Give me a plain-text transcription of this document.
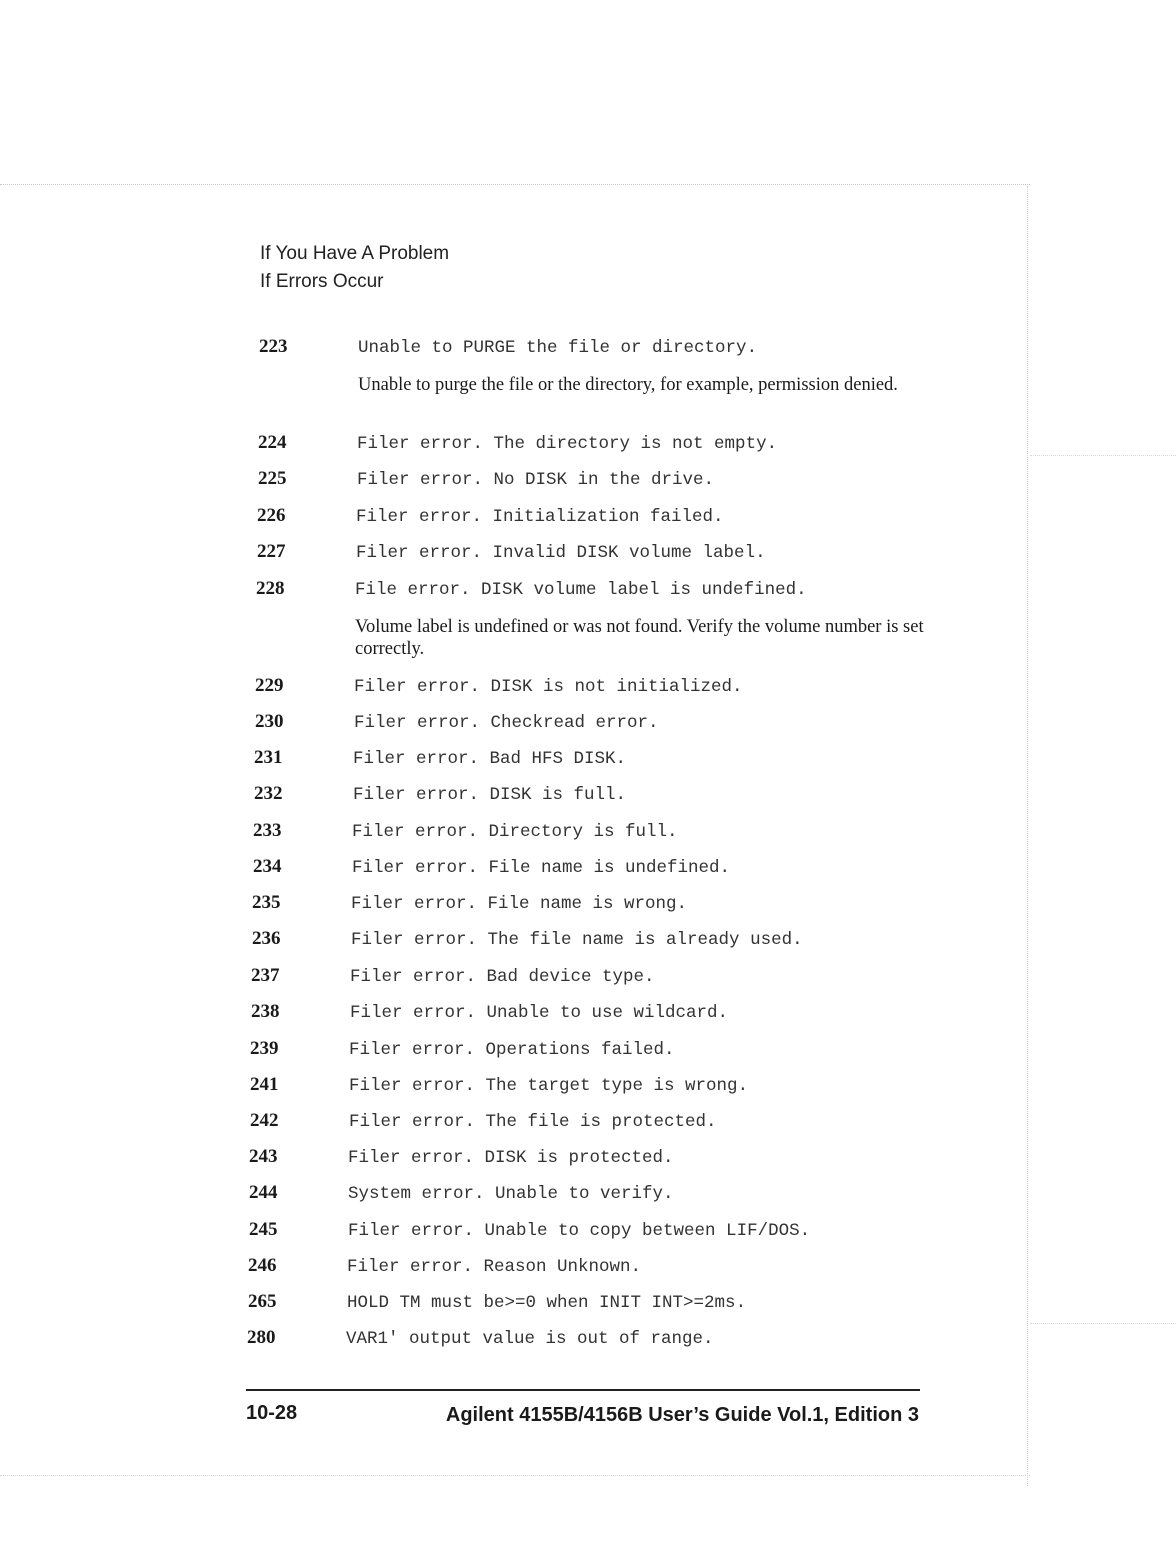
If You Have A Problem
If Errors Occur
223	Unable to PURGE the file or directory.
Unable to purge the file or the directory, for example, permission denied.
224	Filer error. The directory is not empty.
225	Filer error. No DISK in the drive.
226	Filer error. Initialization failed.
227	Filer error. Invalid DISK volume label.
228	File error. DISK volume label is undefined.
Volume label is undefined or was not found. Verify the volume number is set correctly.
229	Filer error. DISK is not initialized.
230	Filer error. Checkread error.
231	Filer error. Bad HFS DISK.
232	Filer error. DISK is full.
233	Filer error. Directory is full.
234	Filer error. File name is undefined.
235	Filer error. File name is wrong.
236	Filer error. The file name is already used.
237	Filer error. Bad device type.
238	Filer error. Unable to use wildcard.
239	Filer error. Operations failed.
241	Filer error. The target type is wrong.
242	Filer error. The file is protected.
243	Filer error. DISK is protected.
244	System error. Unable to verify.
245	Filer error. Unable to copy between LIF/DOS.
246	Filer error. Reason Unknown.
265	HOLD TM must be>=0 when INIT INT>=2ms.
280	VAR1' output value is out of range.
10-28	Agilent 4155B/4156B User’s Guide Vol.1, Edition 3
